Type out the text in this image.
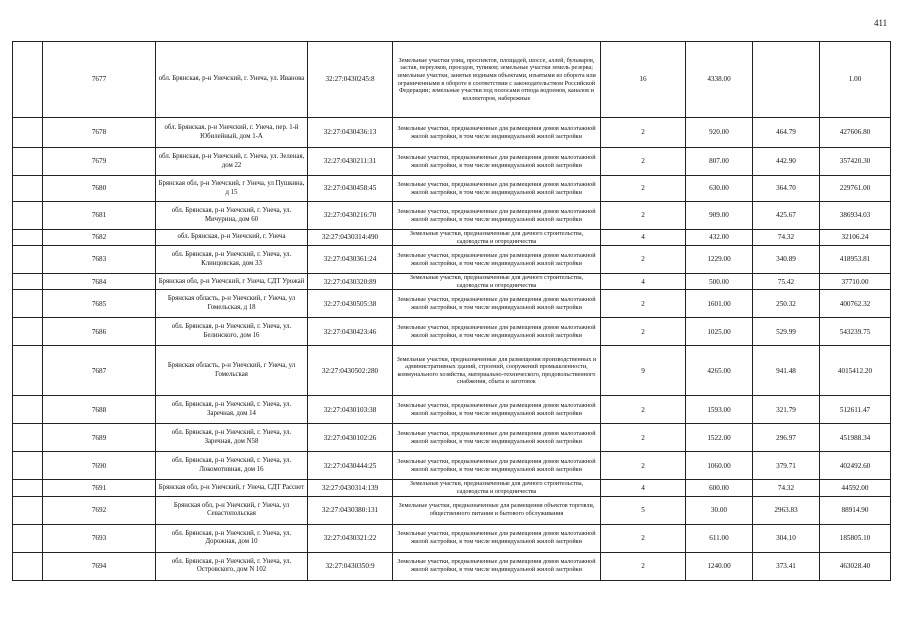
411
	7677	обл. Брянская, р-н Унечский, г. Унеча, ул. Иванова	32:27:0430245:8	Земельные участки улиц, проспектов, площадей, шоссе, аллей, бульваров, застав, переулков, проездов, тупиков; земельные участки земель резерва; земельные участки, занятые водными объектами, изъятыми из оборота или ограниченными в обороте в соответствии с законодательством Российской Федерации; земельные участки под полосами отвода водоемов, каналов и коллекторов, набережные	16	4338.00		1.00
	7678	обл. Брянская, р-н Унечский, г. Унеча, пер. 1-й Юбилейный, дом 1-А	32:27:0430436:13	Земельные участки, предназначенные для размещения домов малоэтажной жилой застройки, в том числе индивидуальной жилой застройки	2	920.00	464.79	427606.80
	7679	обл. Брянская, р-н Унечский, г. Унеча, ул. Зеленая, дом 22	32:27:0430211:31	Земельные участки, предназначенные для размещения домов малоэтажной жилой застройки, в том числе индивидуальной жилой застройки	2	807.00	442.90	357420.30
	7680	Брянская обл, р-н Унечский, г Унеча, ул Пушкина, д 15	32:27:0430458:45	Земельные участки, предназначенные для размещения домов малоэтажной жилой застройки, в том числе индивидуальной жилой застройки	2	630.00	364.70	229761.00
	7681	обл. Брянская, р-н Унечский, г. Унеча, ул. Мичурина, дом 60	32:27:0430216:70	Земельные участки, предназначенные для размещения домов малоэтажной жилой застройки, в том числе индивидуальной жилой застройки	2	909.00	425.67	386934.03
	7682	обл. Брянская, р-н Унечский, г. Унеча	32:27:0430314:490	Земельные участки, предназначенные для дачного строительства, садоводства и огородничества	4	432.00	74.32	32106.24
	7683	обл. Брянская, р-н Унечский, г. Унеча, ул. Клинцовская, дом 33	32:27:0430361:24	Земельные участки, предназначенные для размещения домов малоэтажной жилой застройки, в том числе индивидуальной жилой застройки	2	1229.00	340.89	418953.81
	7684	Брянская обл, р-н Унечский, г Унеча, СДТ Урожай	32:27:0430320:89	Земельные участки, предназначенные для дачного строительства, садоводства и огородничества	4	500.00	75.42	37710.00
	7685	Брянская область, р-н Унечский, г Унеча, ул Гомельская, д 18	32:27:0430505:38	Земельные участки, предназначенные для размещения домов малоэтажной жилой застройки, в том числе индивидуальной жилой застройки	2	1601.00	250.32	400762.32
	7686	обл. Брянская, р-н Унечский, г. Унеча, ул. Белинского, дом 16	32:27:0430423:46	Земельные участки, предназначенные для размещения домов малоэтажной жилой застройки, в том числе индивидуальной жилой застройки	2	1025.00	529.99	543239.75
	7687	Брянская область, р-н Унечский, г Унеча, ул Гомельская	32:27:0430502:280	Земельные участки, предназначенные для размещения производственных и административных зданий, строений, сооружений промышленности, коммунального хозяйства, материально-технического, продовольственного снабжения, сбыта и заготовок	9	4265.00	941.48	4015412.20
	7688	обл. Брянская, р-н Унечский, г. Унеча, ул. Заречная, дом 14	32:27:0430103:38	Земельные участки, предназначенные для размещения домов малоэтажной жилой застройки, в том числе индивидуальной жилой застройки	2	1593.00	321.79	512611.47
	7689	обл. Брянская, р-н Унечский, г. Унеча, ул. Заречная, дом N58	32:27:0430102:26	Земельные участки, предназначенные для размещения домов малоэтажной жилой застройки, в том числе индивидуальной жилой застройки	2	1522.00	296.97	451988.34
	7690	обл. Брянская, р-н Унечский, г. Унеча, ул. Локомотивная, дом 16	32:27:0430444:25	Земельные участки, предназначенные для размещения домов малоэтажной жилой застройки, в том числе индивидуальной жилой застройки	2	1060.00	379.71	402492.60
	7691	Брянская обл, р-н Унечский, г Унеча, СДТ Рассвет	32:27:0430314:139	Земельные участки, предназначенные для дачного строительства, садоводства и огородничества	4	600.00	74.32	44592.00
	7692	Брянская обл, р-н Унечский, г Унеча, ул Севастопольская	32:27:0430380:131	Земельные участки, предназначенные для размещения объектов торговли, общественного питания и бытового обслуживания	5	30.00	2963.83	88914.90
	7693	обл. Брянская, р-н Унечский, г. Унеча, ул. Дорожная, дом 10	32:27:0430321:22	Земельные участки, предназначенные для размещения домов малоэтажной жилой застройки, в том числе индивидуальной жилой застройки	2	611.00	304.10	185805.10
	7694	обл. Брянская, р-н Унечский, г. Унеча, ул. Островского, дом N 102	32:27:0430350:9	Земельные участки, предназначенные для размещения домов малоэтажной жилой застройки, в том числе индивидуальной жилой застройки	2	1240.00	373.41	463028.40
